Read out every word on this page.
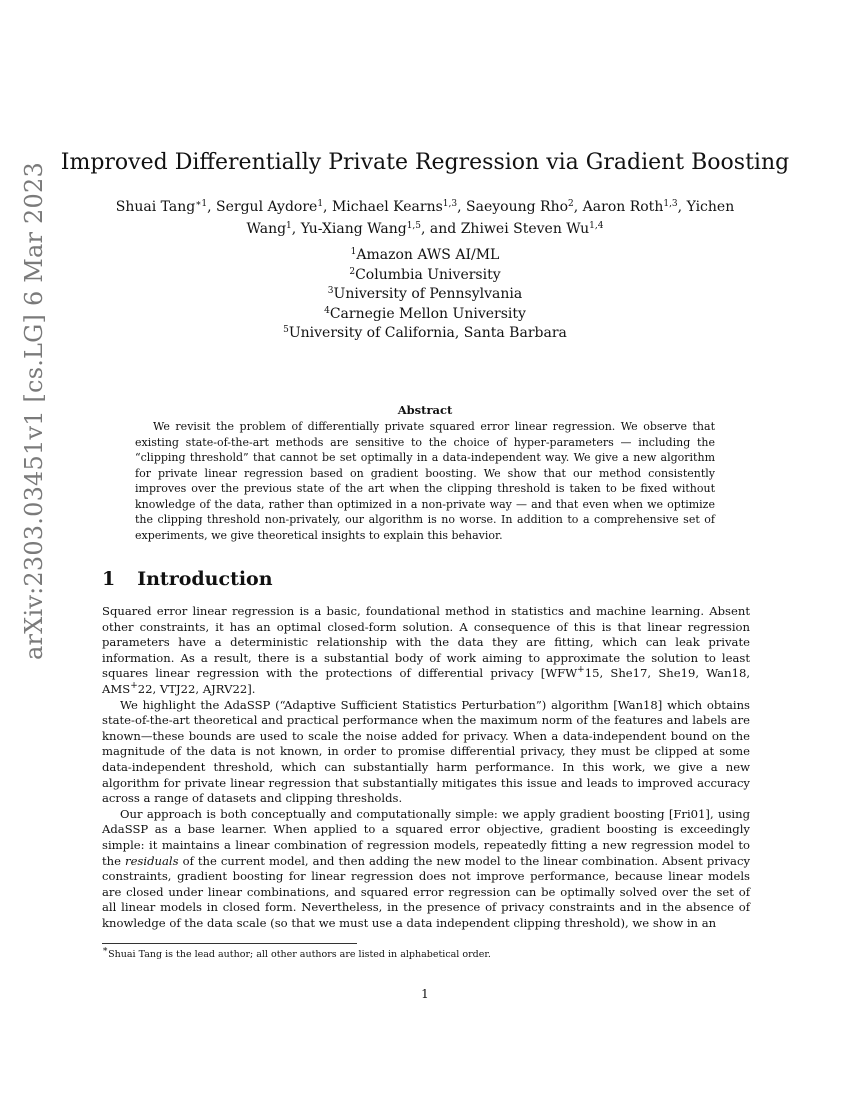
arXiv:2303.03451v1 [cs.LG] 6 Mar 2023 Improved Differentially Private Regression via Gradient Boosting
Shuai Tang$^{∗1}$, Sergul Aydore$^1$, Michael Kearns$^{1,3}$, Saeyoung Rho$^2$, Aaron Roth$^{1,3}$, Yichen Wang$^1$, Yu-Xiang Wang$^{1,5}$, and Zhiwei Steven Wu$^{1,4}$
$^1$Amazon AWS AI/ML
$^2$Columbia University
$^3$University of Pennsylvania
$^4$Carnegie Mellon University
$^5$University of California, Santa Barbara
Abstract
We revisit the problem of differentially private squared error linear regression. We observe that existing state-of-the-art methods are sensitive to the choice of hyper-parameters — including the “clipping threshold” that cannot be set optimally in a data-independent way. We give a new algorithm for private linear regression based on gradient boosting. We show that our method consistently improves over the previous state of the art when the clipping threshold is taken to be fixed without knowledge of the data, rather than optimized in a non-private way — and that even when we optimize the clipping threshold non-privately, our algorithm is no worse. In addition to a comprehensive set of experiments, we give theoretical insights to explain this behavior.
1 Introduction

Squared error linear regression is a basic, foundational method in statistics and machine learning. Absent other constraints, it has an optimal closed-form solution. A consequence of this is that linear regression parameters have a deterministic relationship with the data they are fitting, which can leak private information. As a result, there is a substantial body of work aiming to approximate the solution to least squares linear regression with the protections of differential privacy [WFW+15, She17, She19, Wan18, AMS+22, VTJ22, AJRV22].

We highlight the AdaSSP (“Adaptive Sufficient Statistics Perturbation”) algorithm [Wan18] which obtains state-of-the-art theoretical and practical performance when the maximum norm of the features and labels are known—these bounds are used to scale the noise added for privacy. When a data-independent bound on the magnitude of the data is not known, in order to promise differential privacy, they must be clipped at some data-independent threshold, which can substantially harm performance. In this work, we give a new algorithm for private linear regression that substantially mitigates this issue and leads to improved accuracy across a range of datasets and clipping thresholds.

Our approach is both conceptually and computationally simple: we apply gradient boosting [Fri01], using AdaSSP as a base learner. When applied to a squared error objective, gradient boosting is exceedingly simple: it maintains a linear combination of regression models, repeatedly fitting a new regression model to the residuals of the current model, and then adding the new model to the linear combination. Absent privacy constraints, gradient boosting for linear regression does not improve performance, because linear models are closed under linear combinations, and squared error regression can be optimally solved over the set of all linear models in closed form. Nevertheless, in the presence of privacy constraints and in the absence of knowledge of the data scale (so that we must use a data independent clipping threshold), we show in an

∗Shuai Tang is the lead author; all other authors are listed in alphabetical order.
1
